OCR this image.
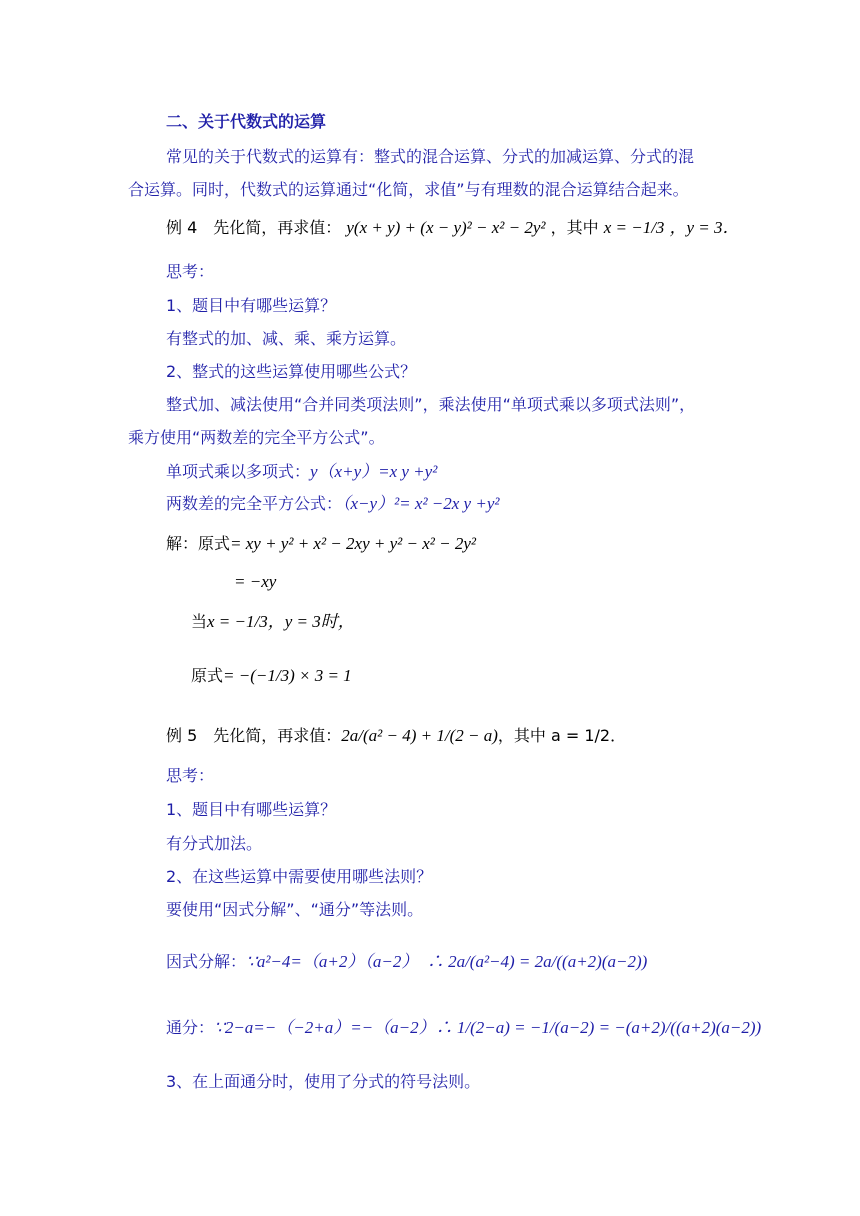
二、关于代数式的运算
常见的关于代数式的运算有：整式的混合运算、分式的加减运算、分式的混
合运算。同时，代数式的运算通过“化简，求值”与有理数的混合运算结合起来。
例 4　先化简，再求值： y(x + y) + (x − y)² − x² − 2y² ，其中 x = −1/3 ，y = 3．
思考：
1、题目中有哪些运算？
有整式的加、减、乘、乘方运算。
2、整式的这些运算使用哪些公式？
整式加、减法使用“合并同类项法则”，乘法使用“单项式乘以多项式法则”，
乘方使用“两数差的完全平方公式”。
单项式乘以多项式：y（x+y）=x y +y²
两数差的完全平方公式：（x−y）²= x² −2x y +y²
解：原式= xy + y² + x² − 2xy + y² − x² − 2y²
= −xy
当x = −1/3，y = 3时，
原式= −(−1/3) × 3 = 1
例 5　先化简，再求值：2a/(a² − 4) + 1/(2 − a)，其中 a = 1/2．
思考：
1、题目中有哪些运算？
有分式加法。
2、在这些运算中需要使用哪些法则？
要使用“因式分解”、“通分”等法则。
因式分解：∵a²−4=（a+2）（a−2）　∴ 2a/(a²−4) = 2a/((a+2)(a−2))
通分：∵2−a=−（−2+a）=−（a−2）∴ 1/(2−a) = −1/(a−2) = −(a+2)/((a+2)(a−2))
3、在上面通分时，使用了分式的符号法则。
